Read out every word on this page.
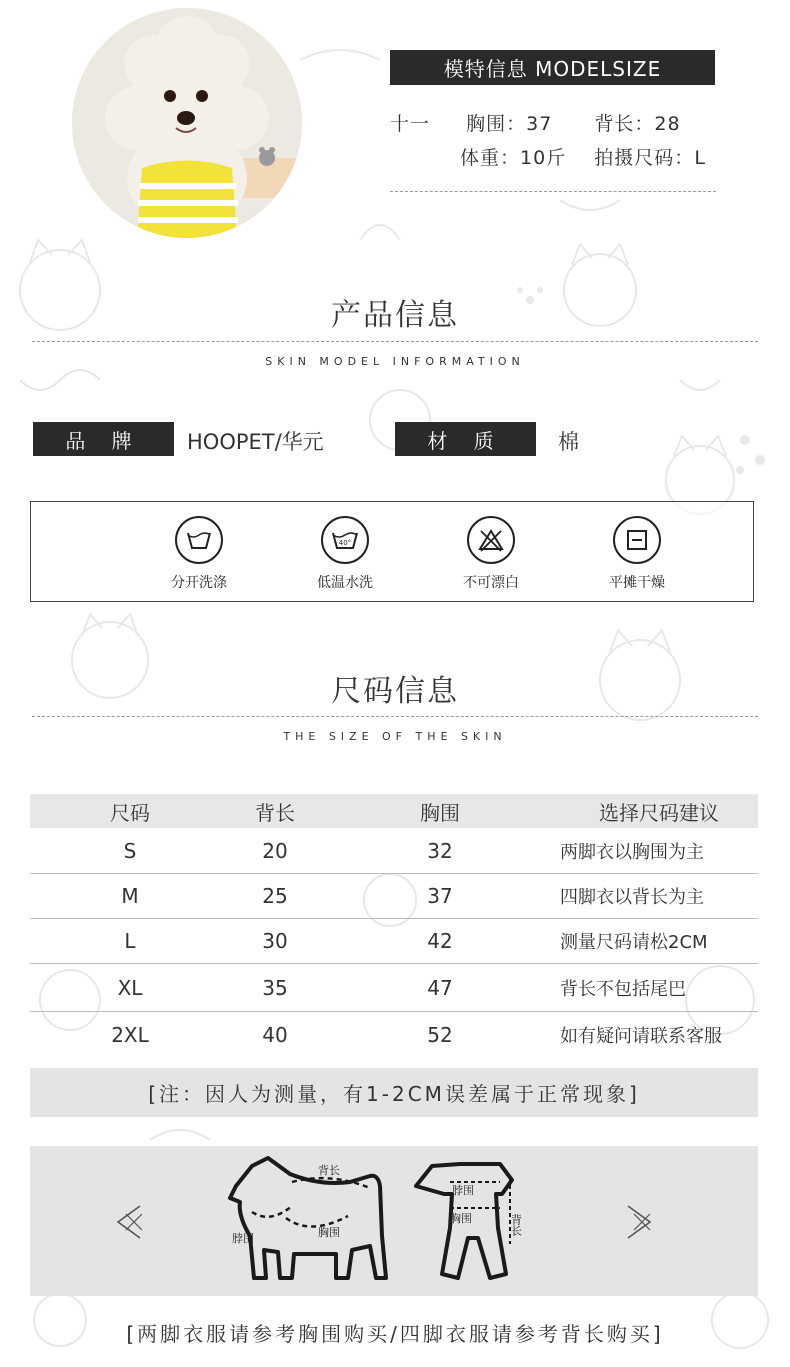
模特信息 MODELSIZE
十一 胸围：37 背长：28
体重：10斤 拍摄尺码：L
产品信息
SKIN MODEL INFORMATION
品 牌	HOOPET/华元	材 质	棉
分开洗涤
40°
低温水洗	不可漂白	平摊干燥
尺码信息
THE SIZE OF THE SKIN
尺码	背长	胸围	选择尺码建议
S	20	32	两脚衣以胸围为主
M	25	37	四脚衣以背长为主
L	30	42	测量尺码请松2CM
XL	35	47	背长不包括尾巴
2XL	40	52	如有疑问请联系客服
[注：因人为测量，有1-2CM误差属于正常现象]
背长
脖围	胸围
脖围
胸围	背长
[两脚衣服请参考胸围购买/四脚衣服请参考背长购买]
